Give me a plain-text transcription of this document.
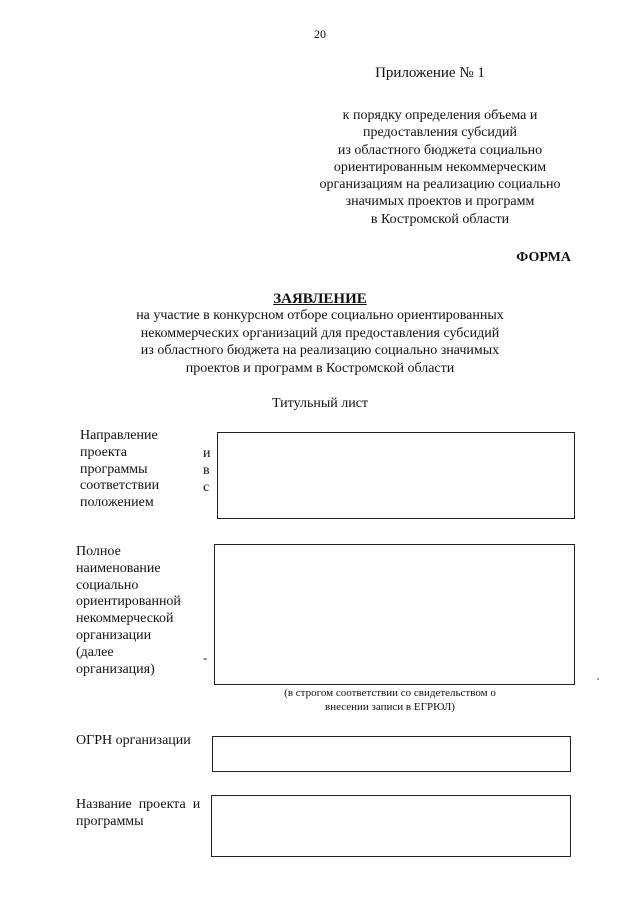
20
Приложение № 1
к порядку определения объема и
предоставления субсидий
из областного бюджета социально
ориентированным некоммерческим
организациям на реализацию социально
значимых проектов и программ
в Костромской области
ФОРМА
ЗАЯВЛЕНИЕ
на участие в конкурсном отборе социально ориентированных
некоммерческих организаций для предоставления субсидий
из областного бюджета на реализацию социально значимых
проектов и программ в Костромской области
Титульный лист
Направление
проекта
программы
соответствии
положением
и
в
с
Полное
наименование
социально
ориентированной
некоммерческой
организации
(далее
организация)
-
(в строгом соответствии со свидетельством о
внесении записи в ЕГРЮЛ)
ОГРН организации
Название  проекта  и
программы
